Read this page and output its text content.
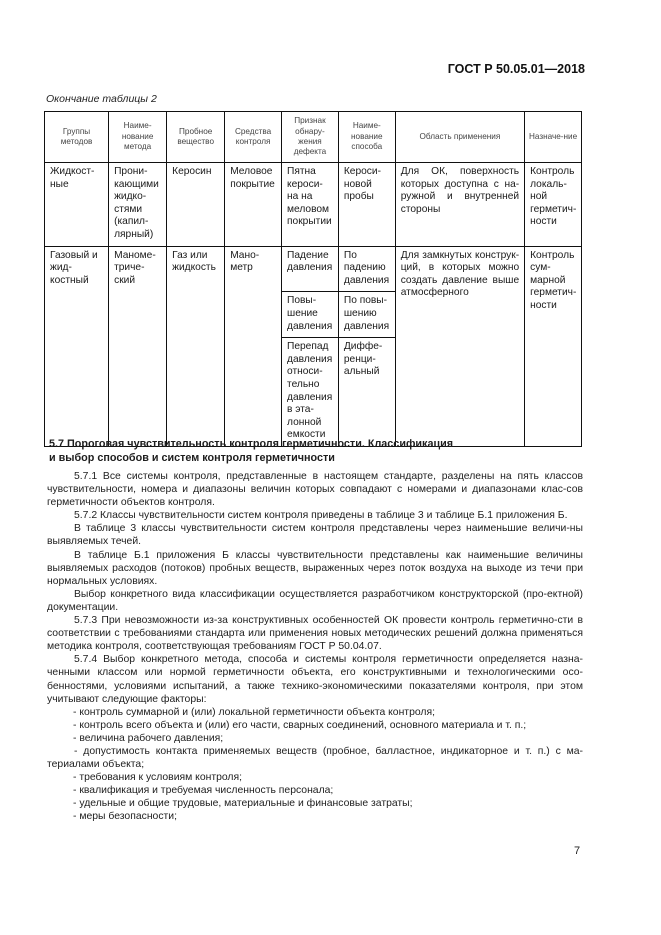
ГОСТ Р 50.05.01—2018
Окончание таблицы 2
Группы методов	Наиме-нование метода	Пробное вещество	Средства контроля	Признак обнару-жения дефекта	Наиме-нование способа	Область применения	Назначе-ние
Жидкост-ные	Прони-кающими жидко-стями (капил-лярный)	Керосин	Меловое покрытие	Пятна кероси-на на меловом покрытии	Кероси-новой пробы	Для ОК, поверхность которых доступна с на-ружной и внутренней стороны	Контроль локаль-ной герметич-ности
Газовый и жид-костный	Маноме-триче-ский	Газ или жидкость	Мано-метр	Падение давления	По падению давления	Для замкнутых конструк-ций, в которых можно создать давление выше атмосферного	Контроль сум-марной герметич-ности
				Повы-шение давления	По повы-шению давления		
				Перепад давления относи-тельно давления в эта-лонной емкости	Диффе-ренци-альный		
5.7 Пороговая чувствительность контроля герметичности. Классификация
и выбор способов и систем контроля герметичности

5.7.1 Все системы контроля, представленные в настоящем стандарте, разделены на пять классов чувствительности, номера и диапазоны величин которых совпадают с номерами и диапазонами клас-сов герметичности объектов контроля.

5.7.2 Классы чувствительности систем контроля приведены в таблице 3 и таблице Б.1 приложения Б.

В таблице 3 классы чувствительности систем контроля представлены через наименьшие величи-ны выявляемых течей.

В таблице Б.1 приложения Б классы чувствительности представлены как наименьшие величины выявляемых расходов (потоков) пробных веществ, выраженных через поток воздуха на выходе из течи при нормальных условиях.

Выбор конкретного вида классификации осуществляется разработчиком конструкторской (про-ектной) документации.

5.7.3 При невозможности из-за конструктивных особенностей ОК провести контроль герметично-сти в соответствии с требованиями стандарта или применения новых методических решений должна применяться методика контроля, соответствующая требованиям ГОСТ Р 50.04.07.

5.7.4 Выбор конкретного метода, способа и системы контроля герметичности определяется назна-ченными классом или нормой герметичности объекта, его конструктивными и технологическими осо-бенностями, условиями испытаний, а также технико-экономическими показателями контроля, при этом учитывают следующие факторы:

- контроль суммарной и (или) локальной герметичности объекта контроля;

- контроль всего объекта и (или) его части, сварных соединений, основного материала и т. п.;

- величина рабочего давления;

- допустимость контакта применяемых веществ (пробное, балластное, индикаторное и т. п.) с ма-териалами объекта;

- требования к условиям контроля;

- квалификация и требуемая численность персонала;

- удельные и общие трудовые, материальные и финансовые затраты;

- меры безопасности;

7
